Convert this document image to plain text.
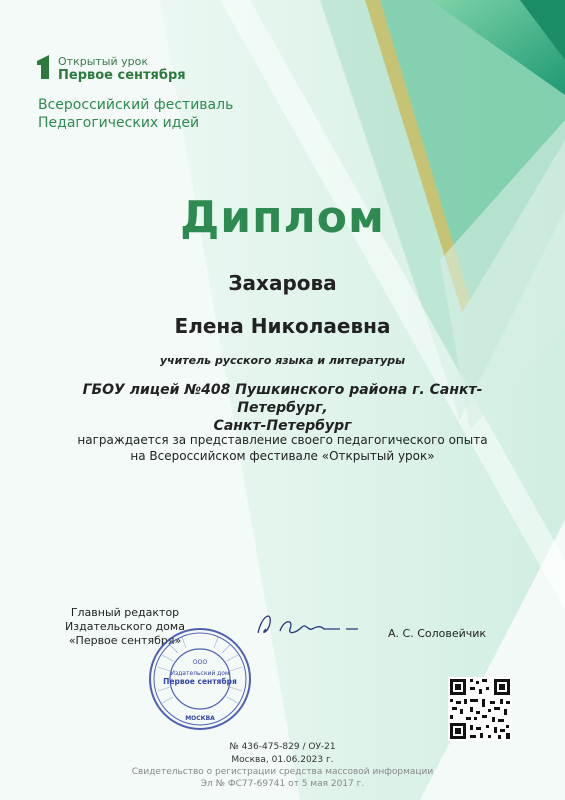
Открытый урок
Первое сентября
Всероссийский фестиваль
Педагогических идей
Диплом
Захарова
Елена Николаевна
учитель русского языка и литературы
ГБОУ лицей №408 Пушкинского района г. Санкт-Петербург,
Санкт-Петербург
награждается за представление своего педагогического опыта
на Всероссийском фестивале «Открытый урок»
Главный редактор
Издательского дома
«Первое сентября»
А. С. Соловейчик
ООО
Издательский дом
Первое сентября
МОСКВА
№ 436-475-829 / ОУ-21
Москва, 01.06.2023 г.
Свидетельство о регистрации средства массовой информации
Эл № ФС77-69741 от 5 мая 2017 г.
